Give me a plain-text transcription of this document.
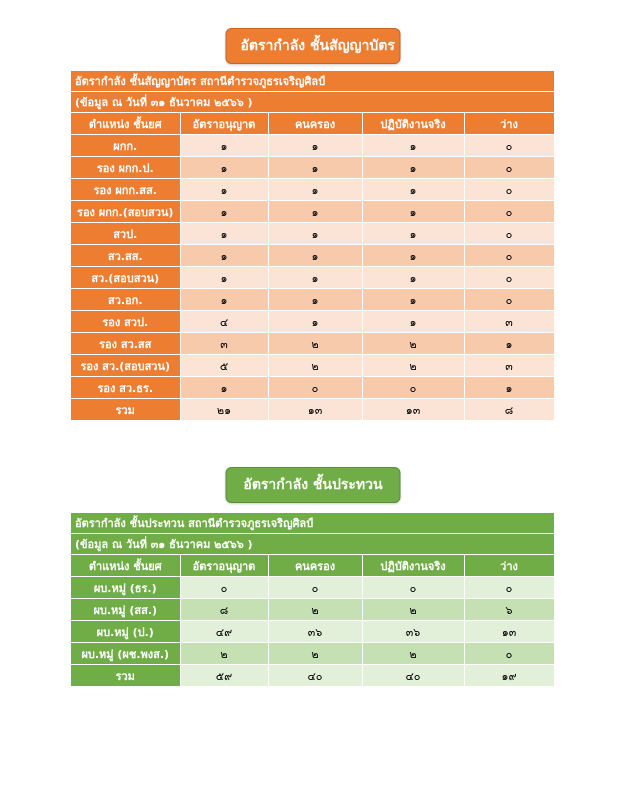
อัตรากำลัง ชั้นสัญญาบัตร
อัตรากำลัง ชั้นสัญญาบัตร สถานีตำรวจภูธรเจริญศิลป์				
(ข้อมูล ณ วันที่ ๓๑ ธันวาคม ๒๕๖๖ )				
ตำแหน่ง ชั้นยศ	อัตราอนุญาต	คนครอง	ปฏิบัติงานจริง	ว่าง
ผกก.	๑	๑	๑	๐
รอง ผกก.ป.	๑	๑	๑	๐
รอง ผกก.สส.	๑	๑	๑	๐
รอง ผกก.(สอบสวน)	๑	๑	๑	๐
สวป.	๑	๑	๑	๐
สว.สส.	๑	๑	๑	๐
สว.(สอบสวน)	๑	๑	๑	๐
สว.อก.	๑	๑	๑	๐
รอง สวป.	๔	๑	๑	๓
รอง สว.สส	๓	๒	๒	๑
รอง สว.(สอบสวน)	๕	๒	๒	๓
รอง สว.ธร.	๑	๐	๐	๑
รวม	๒๑	๑๓	๑๓	๘
อัตรากำลัง ชั้นประทวน
อัตรากำลัง ชั้นประทวน สถานีตำรวจภูธรเจริญศิลป์				
(ข้อมูล ณ วันที่ ๓๑ ธันวาคม ๒๕๖๖ )				
ตำแหน่ง ชั้นยศ	อัตราอนุญาต	คนครอง	ปฏิบัติงานจริง	ว่าง
ผบ.หมู่ (ธร.)	๐	๐	๐	๐
ผบ.หมู่ (สส.)	๘	๒	๒	๖
ผบ.หมู่ (ป.)	๔๙	๓๖	๓๖	๑๓
ผบ.หมู่ (ผช.พงส.)	๒	๒	๒	๐
รวม	๕๙	๔๐	๔๐	๑๙
